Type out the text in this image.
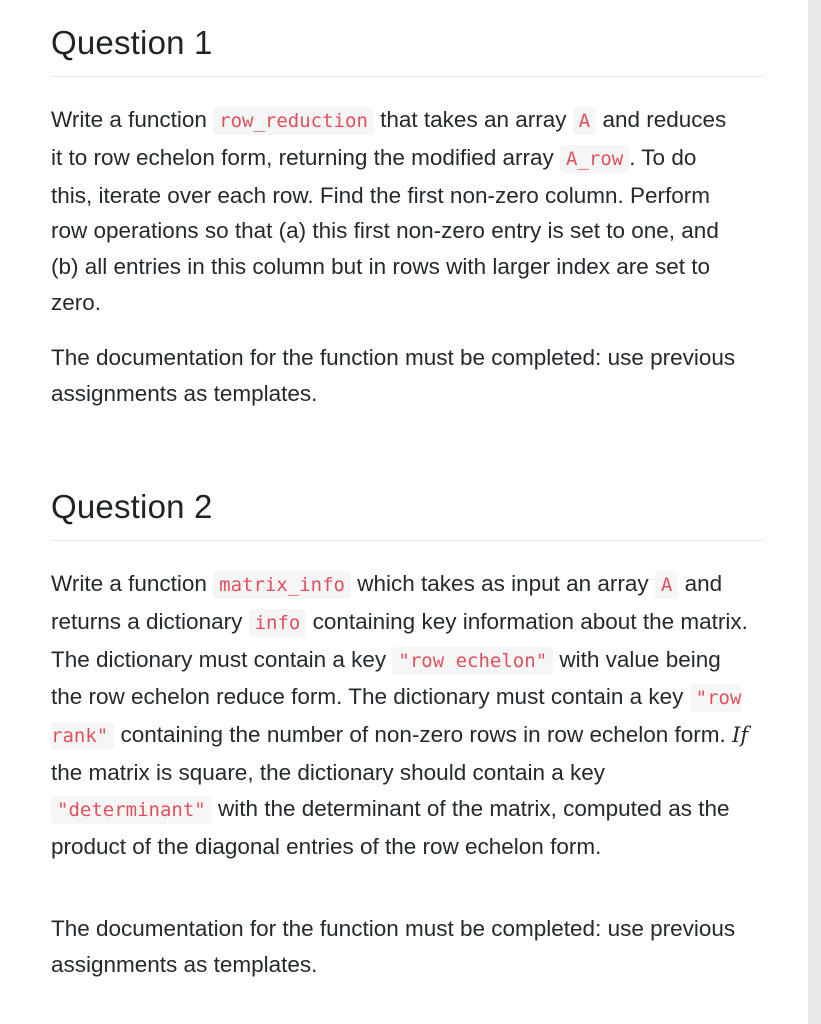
Question 1

Write a function row_reduction that takes an array A and reduces it to row echelon form, returning the modified array A_row . To do this, iterate over each row. Find the first non-zero column. Perform row operations so that (a) this first non-zero entry is set to one, and (b) all entries in this column but in rows with larger index are set to zero.

The documentation for the function must be completed: use previous assignments as templates.

Question 2

Write a function matrix_info which takes as input an array A and returns a dictionary info containing key information about the matrix. The dictionary must contain a key "row echelon" with value being the row echelon reduce form. The dictionary must contain a key "row rank" containing the number of non-zero rows in row echelon form. If the matrix is square, the dictionary should contain a key "determinant" with the determinant of the matrix, computed as the product of the diagonal entries of the row echelon form.

The documentation for the function must be completed: use previous assignments as templates.
